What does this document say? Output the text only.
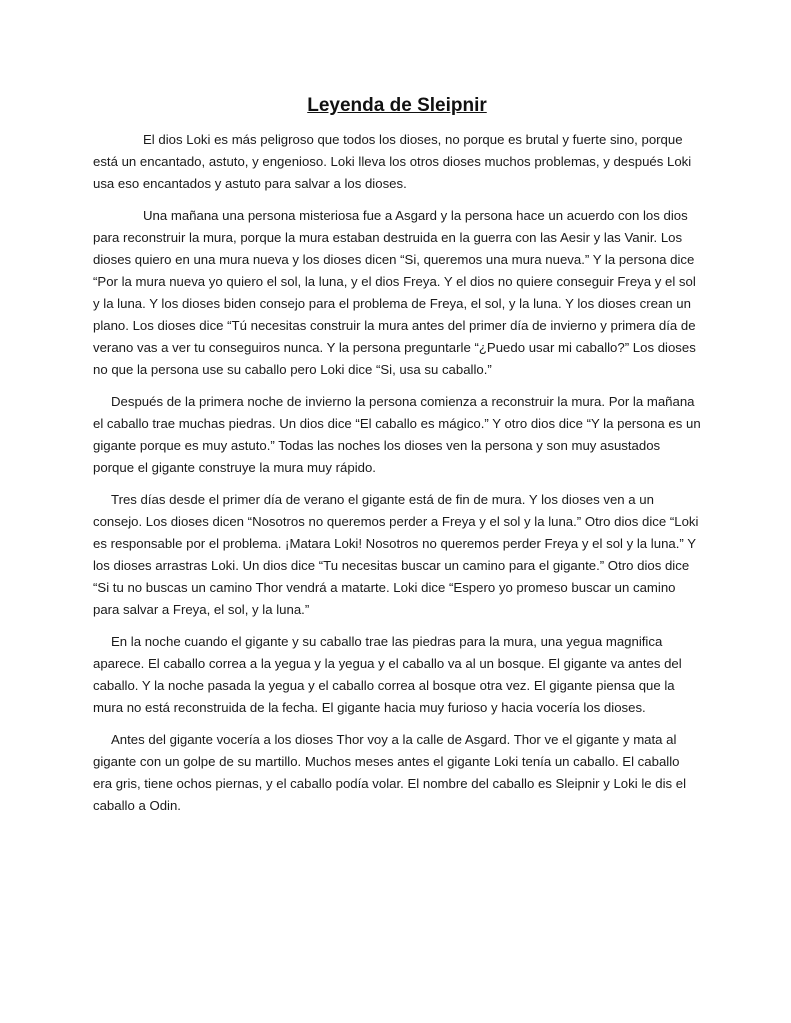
Leyenda de Sleipnir

El dios Loki es más peligroso que todos los dioses, no porque es brutal y fuerte sino, porque está un encantado, astuto, y engenioso. Loki lleva los otros dioses muchos problemas, y después Loki usa eso encantados y astuto para salvar a los dioses.

Una mañana una persona misteriosa fue a Asgard y la persona hace un acuerdo con los dios para reconstruir la mura, porque la mura estaban destruida en la guerra con las Aesir y las Vanir. Los dioses quiero en una mura nueva y los dioses dicen “Si, queremos una mura nueva.” Y la persona dice “Por la mura nueva yo quiero el sol, la luna, y el dios Freya. Y el dios no quiere conseguir Freya y el sol y la luna. Y los dioses biden consejo para el problema de Freya, el sol, y la luna. Y los dioses crean un plano. Los dioses dice “Tú necesitas construir la mura antes del primer día de invierno y primera día de verano vas a ver tu conseguiros nunca. Y la persona preguntarle “¿Puedo usar mi caballo?” Los dioses no que la persona use su caballo pero Loki dice “Si, usa su caballo.”

Después de la primera noche de invierno la persona comienza a reconstruir la mura. Por la mañana el caballo trae muchas piedras. Un dios dice “El caballo es mágico.” Y otro dios dice “Y la persona es un gigante porque es muy astuto.” Todas las noches los dioses ven la persona y son muy asustados porque el gigante construye la mura muy rápido.

Tres días desde el primer día de verano el gigante está de fin de mura. Y los dioses ven a un consejo. Los dioses dicen “Nosotros no queremos perder a Freya y el sol y la luna.” Otro dios dice “Loki es responsable por el problema. ¡Matara Loki! Nosotros no queremos perder Freya y el sol y la luna.” Y los dioses arrastras Loki. Un dios dice “Tu necesitas buscar un camino para el gigante.” Otro dios dice “Si tu no buscas un camino Thor vendrá a matarte. Loki dice “Espero yo promeso buscar un camino para salvar a Freya, el sol, y la luna.”

En la noche cuando el gigante y su caballo trae las piedras para la mura, una yegua magnifica aparece. El caballo correa a la yegua y la yegua y el caballo va al un bosque. El gigante va antes del caballo. Y la noche pasada la yegua y el caballo correa al bosque otra vez. El gigante piensa que la mura no está reconstruida de la fecha. El gigante hacia muy furioso y hacia vocería los dioses.

Antes del gigante vocería a los dioses Thor voy a la calle de Asgard. Thor ve el gigante y mata al gigante con un golpe de su martillo. Muchos meses antes el gigante Loki tenía un caballo. El caballo era gris, tiene ochos piernas, y el caballo podía volar. El nombre del caballo es Sleipnir y Loki le dis el caballo a Odin.
